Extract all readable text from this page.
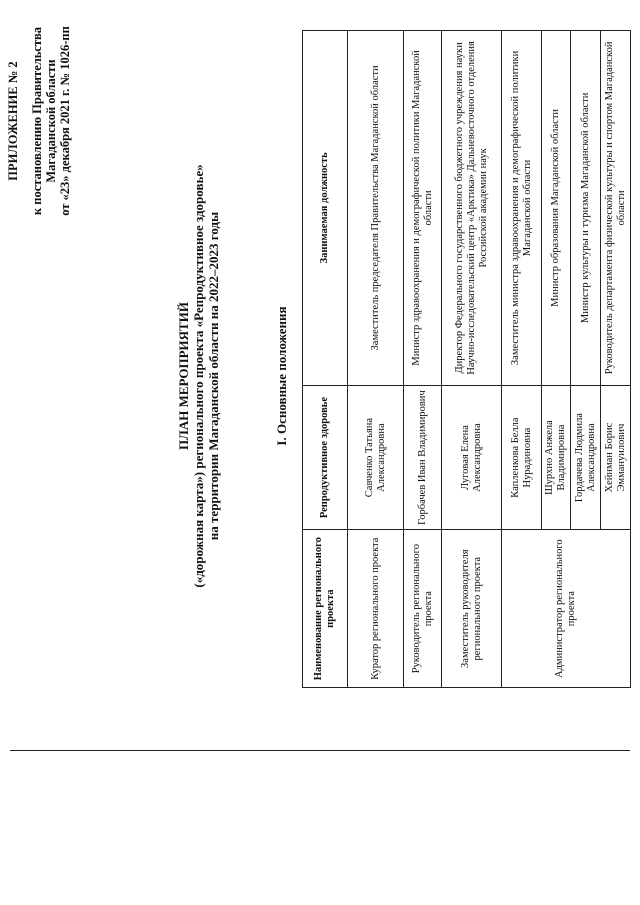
ПРИЛОЖЕНИЕ № 2 к постановлению Правительства Магаданской области от «23» декабря 2021 г. № 1026-пп
ПЛАН МЕРОПРИЯТИЙ («дорожная карта») регионального проекта «Репродуктивное здоровье» на территории Магаданской области на 2022–2023 годы	I. Основные положения
Наименование регионального проекта	Репродуктивное здоровье	Занимаемая должность
Куратор регионального проекта	Савченко Татьяна Александровна	Заместитель председателя Правительства Магаданской области
Руководитель регионального проекта	Горбачев Иван Владимирович	Министр здравоохранения и демографической политики Магаданской области
Заместитель руководителя регионального проекта	Луговая Елена Александровна	Директор Федерального государственного бюджетного учреждения науки Научно-исследовательский центр «Арктика» Дальневосточного отделения Российской академии наук
Администратор регионального проекта	Капленкова Белла Нурадиновна	Заместитель министра здравоохранения и демографической политики Магаданской области
	Шурхно Анжела Владимировна	Министр образования Магаданской области
	Гордачева Людмила Александровна	Министр культуры и туризма Магаданской области
	Хейнман Борис Эммануилович	Руководитель департамента физической культуры и спортом Магаданской области
